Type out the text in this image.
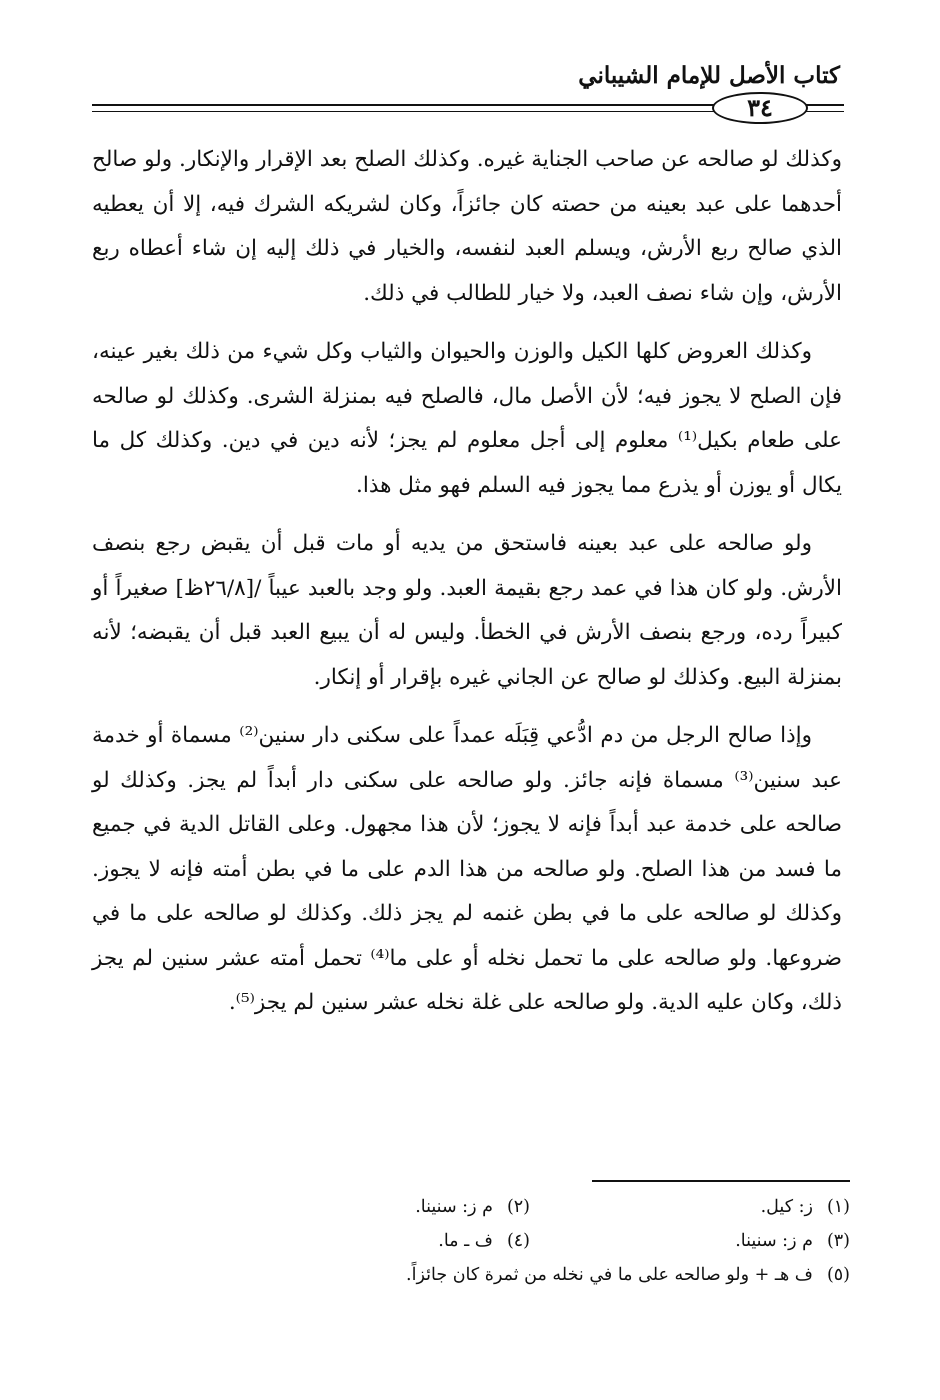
كتاب الأصل للإمام الشيباني
٣٤

وكذلك لو صالحه عن صاحب الجناية غيره. وكذلك الصلح بعد الإقرار والإنكار. ولو صالح أحدهما على عبد بعينه من حصته كان جائزاً، وكان لشريكه الشرك فيه، إلا أن يعطيه الذي صالح ربع الأرش، ويسلم العبد لنفسه، والخيار في ذلك إليه إن شاء أعطاه ربع الأرش، وإن شاء نصف العبد، ولا خيار للطالب في ذلك.

وكذلك العروض كلها الكيل والوزن والحيوان والثياب وكل شيء من ذلك بغير عينه، فإن الصلح لا يجوز فيه؛ لأن الأصل مال، فالصلح فيه بمنزلة الشرى. وكذلك لو صالحه على طعام بكيل⁽¹⁾ معلوم إلى أجل معلوم لم يجز؛ لأنه دين في دين. وكذلك كل ما يكال أو يوزن أو يذرع مما يجوز فيه السلم فهو مثل هذا.

ولو صالحه على عبد بعينه فاستحق من يديه أو مات قبل أن يقبض رجع بنصف الأرش. ولو كان هذا في عمد رجع بقيمة العبد. ولو وجد بالعبد عيباً /[٢٦/٨ظ] صغيراً أو كبيراً رده، ورجع بنصف الأرش في الخطأ. وليس له أن يبيع العبد قبل أن يقبضه؛ لأنه بمنزلة البيع. وكذلك لو صالح عن الجاني غيره بإقرار أو إنكار.

وإذا صالح الرجل من دم ادُّعي قِبَلَه عمداً على سكنى دار سنين⁽²⁾ مسماة أو خدمة عبد سنين⁽³⁾ مسماة فإنه جائز. ولو صالحه على سكنى دار أبداً لم يجز. وكذلك لو صالحه على خدمة عبد أبداً فإنه لا يجوز؛ لأن هذا مجهول. وعلى القاتل الدية في جميع ما فسد من هذا الصلح. ولو صالحه من هذا الدم على ما في بطن أمته فإنه لا يجوز. وكذلك لو صالحه على ما في بطن غنمه لم يجز ذلك. وكذلك لو صالحه على ما في ضروعها. ولو صالحه على ما تحمل نخله أو على ما⁽⁴⁾ تحمل أمته عشر سنين لم يجز ذلك، وكان عليه الدية. ولو صالحه على غلة نخله عشر سنين لم يجز⁽⁵⁾.

(١)ز: كيل.
(٢)م ز: سنينا.
(٣)م ز: سنينا.
(٤)ف ـ ما.
(٥)ف هـ + ولو صالحه على ما في نخله من ثمرة كان جائزاً.
